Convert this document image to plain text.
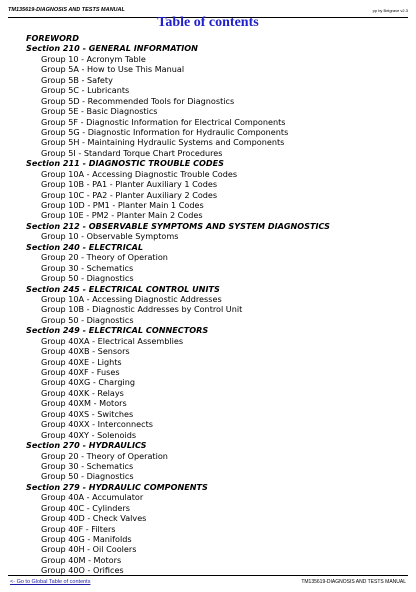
TM135619-DIAGNOSIS AND TESTS MANUAL	pp by Belgrave v2.3
Table of contents
FOREWORD
Section 210 - GENERAL INFORMATION
Group 10 - Acronym Table
Group 5A - How to Use This Manual
Group 5B - Safety
Group 5C - Lubricants
Group 5D - Recommended Tools for Diagnostics
Group 5E - Basic Diagnostics
Group 5F - Diagnostic Information for Electrical Components
Group 5G - Diagnostic Information for Hydraulic Components
Group 5H - Maintaining Hydraulic Systems and Components
Group 5I - Standard Torque Chart Procedures
Section 211 - DIAGNOSTIC TROUBLE CODES
Group 10A - Accessing Diagnostic Trouble Codes
Group 10B - PA1 - Planter Auxiliary 1 Codes
Group 10C - PA2 - Planter Auxiliary 2 Codes
Group 10D - PM1 - Planter Main 1 Codes
Group 10E - PM2 - Planter Main 2 Codes
Section 212 - OBSERVABLE SYMPTOMS AND SYSTEM DIAGNOSTICS
Group 10 - Observable Symptoms
Section 240 - ELECTRICAL
Group 20 - Theory of Operation
Group 30 - Schematics
Group 50 - Diagnostics
Section 245 - ELECTRICAL CONTROL UNITS
Group 10A - Accessing Diagnostic Addresses
Group 10B - Diagnostic Addresses by Control Unit
Group 50 - Diagnostics
Section 249 - ELECTRICAL CONNECTORS
Group 40XA - Electrical Assemblies
Group 40XB - Sensors
Group 40XE - Lights
Group 40XF - Fuses
Group 40XG - Charging
Group 40XK - Relays
Group 40XM - Motors
Group 40XS - Switches
Group 40XX - Interconnects
Group 40XY - Solenoids
Section 270 - HYDRAULICS
Group 20 - Theory of Operation
Group 30 - Schematics
Group 50 - Diagnostics
Section 279 - HYDRAULIC COMPONENTS
Group 40A - Accumulator
Group 40C - Cylinders
Group 40D - Check Valves
Group 40F - Filters
Group 40G - Manifolds
Group 40H - Oil Coolers
Group 40M - Motors
Group 40O - Orifices
<- Go to Global Table of contents	TM135619-DIAGNOSIS AND TESTS MANUAL
